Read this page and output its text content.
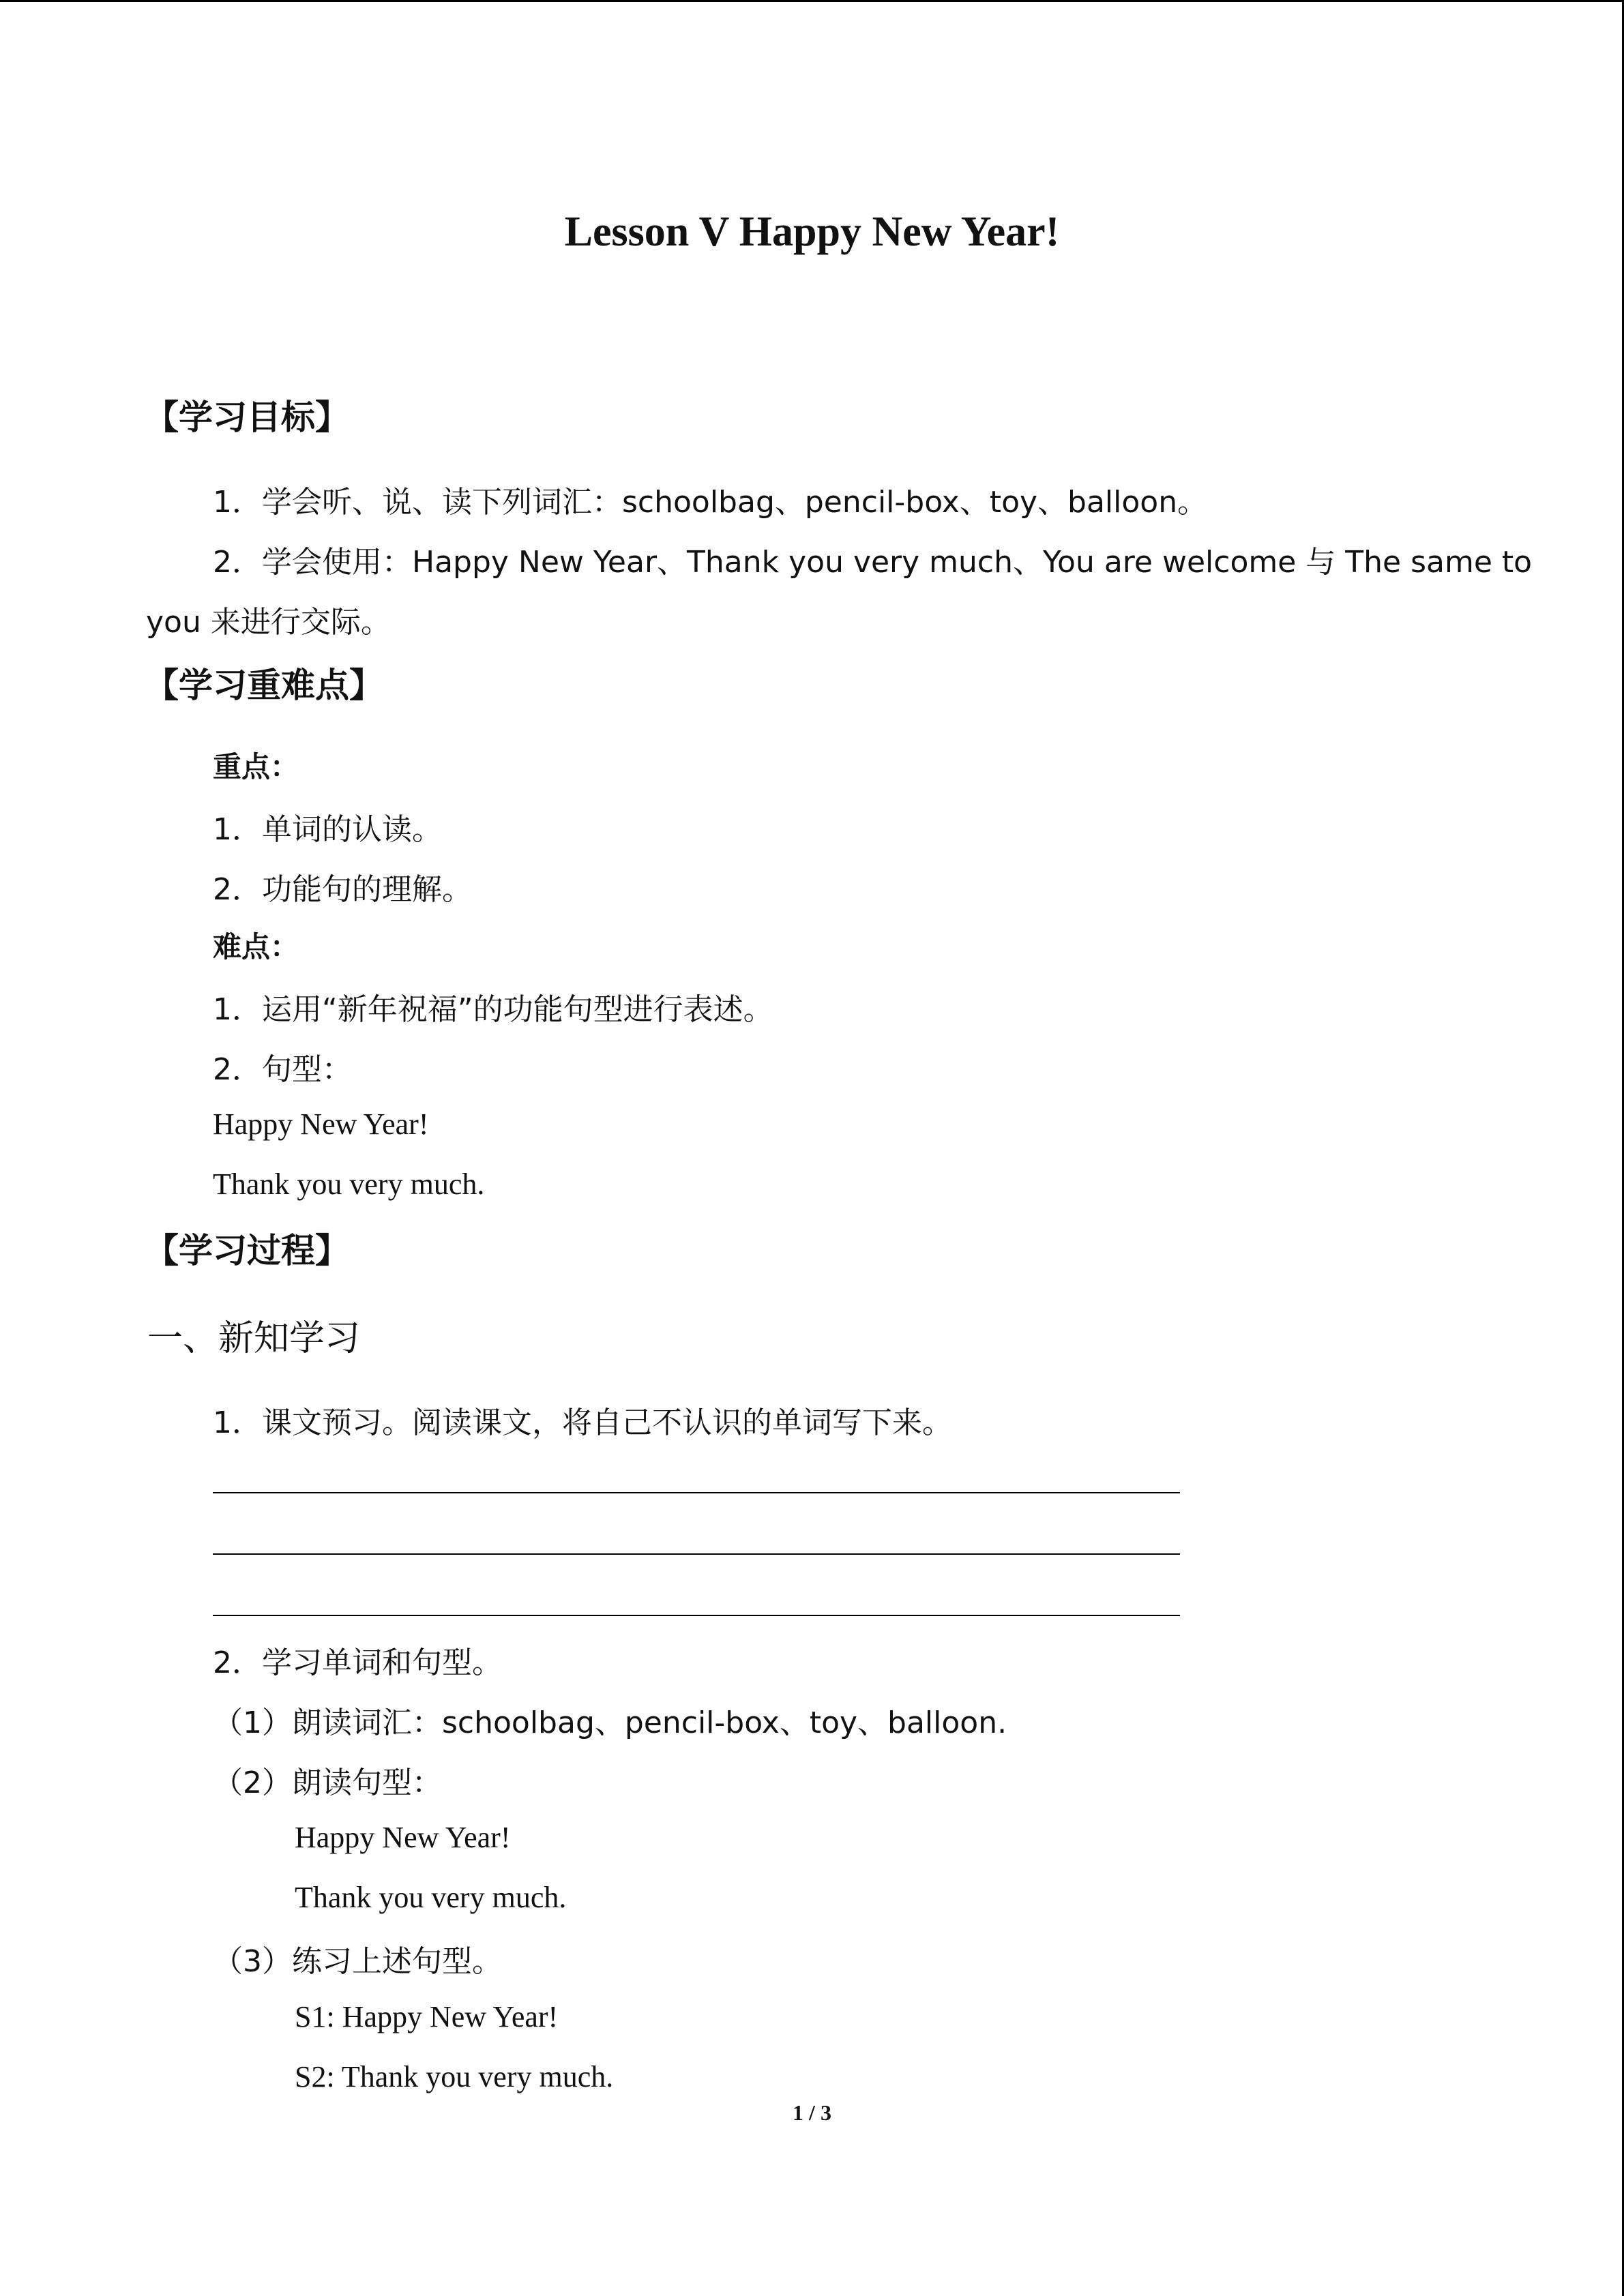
Lesson V Happy New Year!
【学习目标】
1．学会听、说、读下列词汇：schoolbag、pencil-box、toy、balloon。
2．学会使用：Happy New Year、Thank you very much、You are welcome 与 The same to
you 来进行交际。
【学习重难点】
重点：
1．单词的认读。
2．功能句的理解。
难点：
1．运用“新年祝福”的功能句型进行表述。
2．句型：
Happy New Year!
Thank you very much.
【学习过程】
一、新知学习
1．课文预习。阅读课文，将自己不认识的单词写下来。
2．学习单词和句型。
（1）朗读词汇：schoolbag、pencil-box、toy、balloon.
（2）朗读句型：
Happy New Year!
Thank you very much.
（3）练习上述句型。
S1: Happy New Year!
S2: Thank you very much.
1 / 3
